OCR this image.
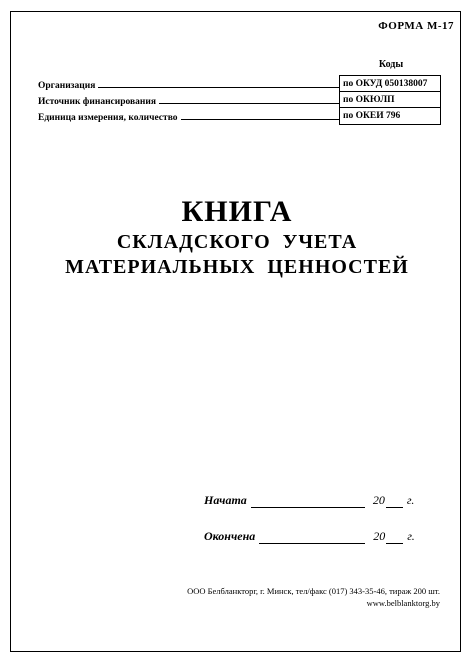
ФОРМА М-17
Коды
Организация
Источник финансирования
Единица измерения, количество
по ОКУД 050138007
по ОКЮЛП
по ОКЕИ 796
КНИГА
СКЛАДСКОГО УЧЕТА
МАТЕРИАЛЬНЫХ ЦЕННОСТЕЙ
Начата	20 г.
Окончена	20 г.
ООО Белбланкторг, г. Минск, тел/факс (017) 343-35-46, тираж 200 шт.
www.belblanktorg.by
